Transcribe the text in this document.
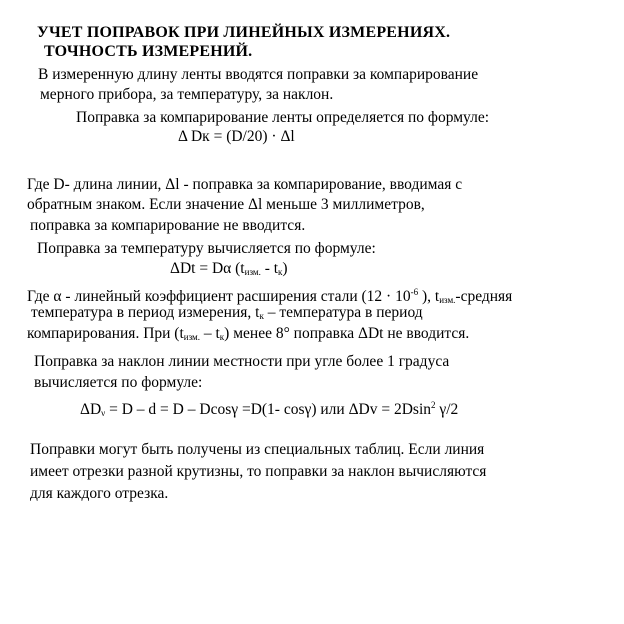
УЧЕТ ПОПРАВОК ПРИ ЛИНЕЙНЫХ ИЗМЕРЕНИЯХ.
ТОЧНОСТЬ ИЗМЕРЕНИЙ.
В измеренную длину ленты вводятся поправки за компарирование
мерного прибора, за температуру, за наклон.
Поправка за компарирование ленты определяется по формуле:
Δ Dк = (D/20) · Δl
Где D- длина линии, Δl - поправка за компарирование, вводимая с
обратным знаком. Если значение Δl меньше 3 миллиметров,
поправка за компарирование не вводится.
Поправка за температуру вычисляется по формуле:
ΔDt = Dα $(t_{изм.} - t_к)$
Где α - линейный коэффициент расширения стали ($12 \cdot 10^{-6}$ ), $t_{изм.}$-средняя
температура в период измерения, $t_к$ – температура в период
компарирования. При $(t_{изм.} - t_к)$ менее 8° поправка ΔDt не вводится.
Поправка за наклон линии местности при угле более 1 градуса
вычисляется по формуле:
$\Delta D_\nu = D - d = D - Dcos\gamma =D(1-$ cosγ) или ΔDv = 2Dsin$^2$ γ/2
Поправки могут быть получены из специальных таблиц. Если линия
имеет отрезки разной крутизны, то поправки за наклон вычисляются
для каждого отрезка.
